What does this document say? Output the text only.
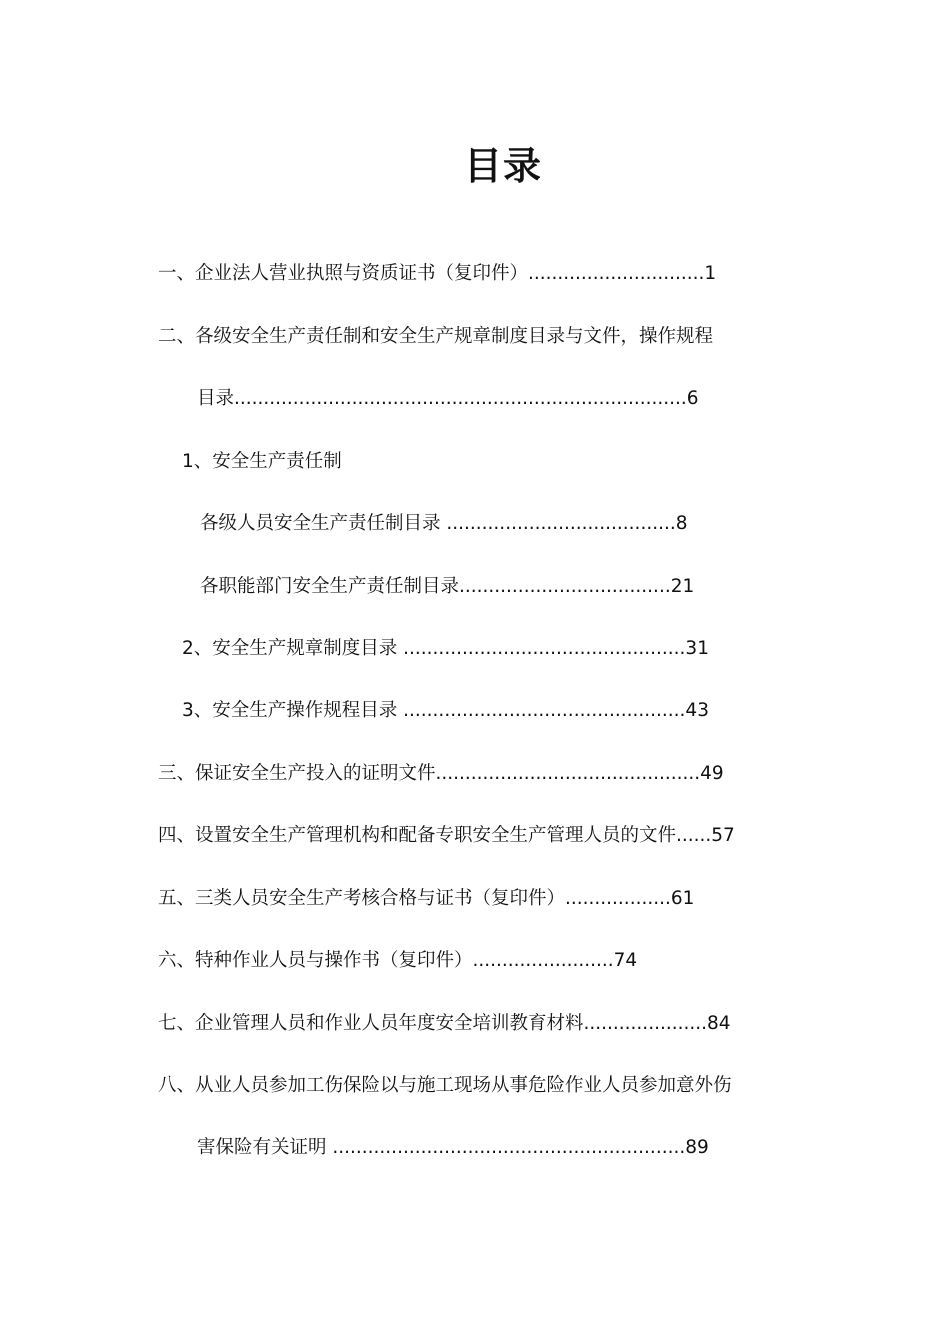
目录
一、企业法人营业执照与资质证书（复印件）..............................1
二、各级安全生产责任制和安全生产规章制度目录与文件，操作规程
目录.............................................................................6
1、安全生产责任制
各级人员安全生产责任制目录 .......................................8
各职能部门安全生产责任制目录....................................21
2、安全生产规章制度目录 ................................................31
3、安全生产操作规程目录 ................................................43
三、保证安全生产投入的证明文件.............................................49
四、设置安全生产管理机构和配备专职安全生产管理人员的文件......57
五、三类人员安全生产考核合格与证书（复印件）..................61
六、特种作业人员与操作书（复印件）........................74
七、企业管理人员和作业人员年度安全培训教育材料.....................84
八、从业人员参加工伤保险以与施工现场从事危险作业人员参加意外伤
害保险有关证明 ............................................................89
